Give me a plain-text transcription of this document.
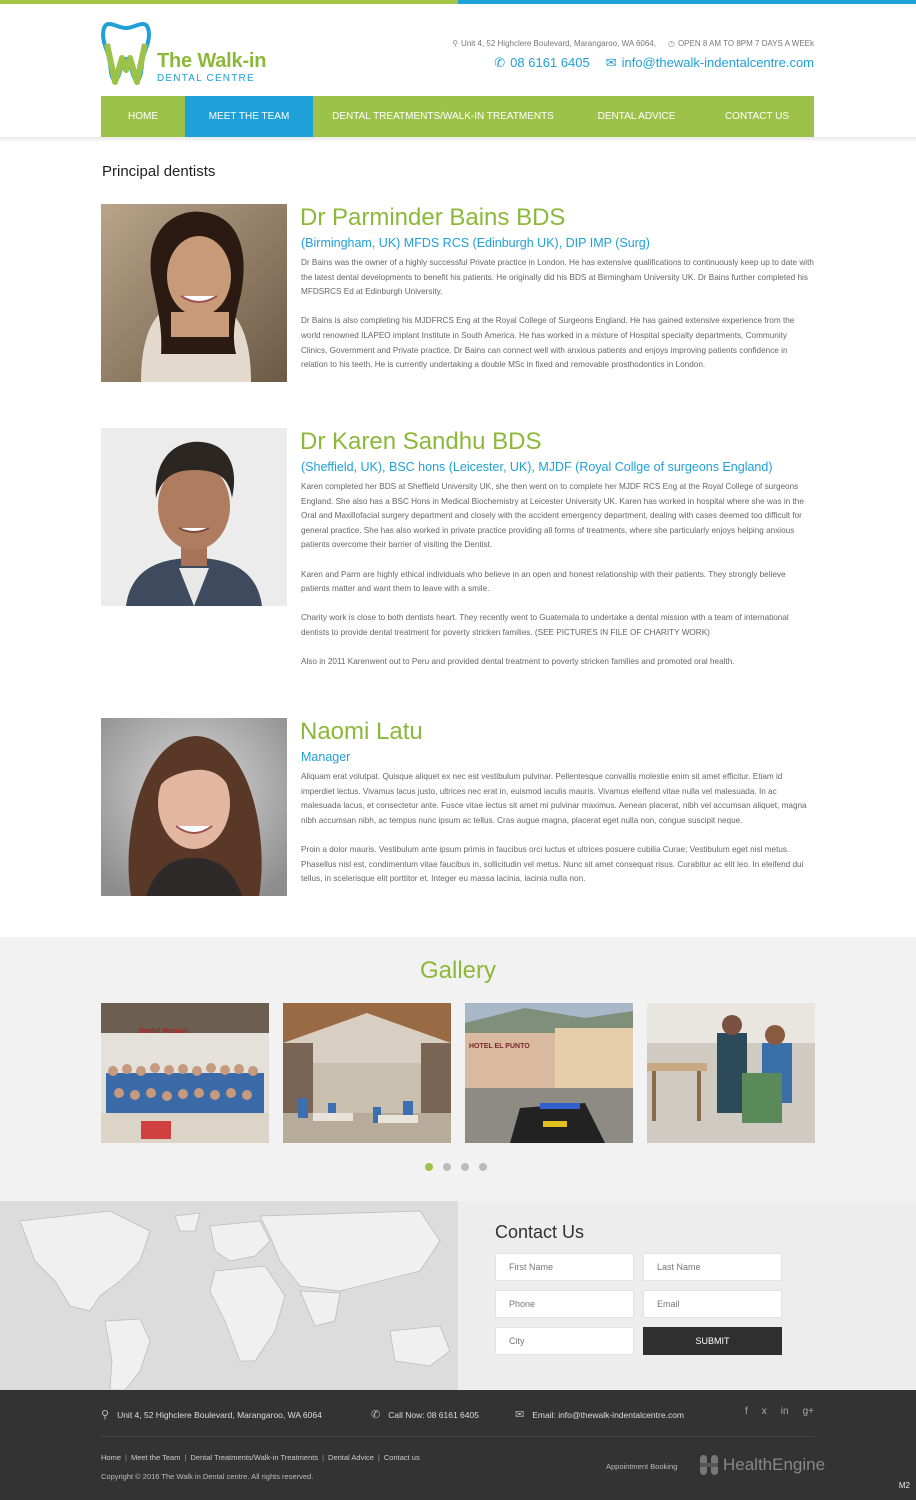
The Walk-in
DENTAL CENTRE
⚲ Unit 4, 52 Highclere Boulevard, Marangaroo, WA 6064, ◷ OPEN 8 AM TO 8PM 7 DAYS A WEEk
✆ 08 6161 6405 ✉ info@thewalk-indentalcentre.com
HOME	MEET THE TEAM	DENTAL TREATMENTS/WALK-IN TREATMENTS	DENTAL ADVICE	CONTACT US
Principal dentists
Dr Parminder Bains BDS
(Birmingham, UK) MFDS RCS (Edinburgh UK), DIP IMP (Surg)

Dr Bains was the owner of a highly successful Private practice in London. He has extensive qualifications to continuously keep up to date with the latest dental developments to benefit his patients. He originally did his BDS at Birmingham University UK. Dr Bains further completed his MFDSRCS Ed at Edinburgh University.

Dr Bains is also completing his MJDFRCS Eng at the Royal College of Surgeons England. He has gained extensive experience from the world renowned ILAPEO implant Institute in South America. He has worked in a mixture of Hospital specialty departments, Community Clinics, Government and Private practice. Dr Bains can connect well with anxious patients and enjoys improving patients confidence in relation to his teeth. He is currently undertaking a double MSc in fixed and removable prosthodontics in London.

Dr Karen Sandhu BDS
(Sheffield, UK), BSC hons (Leicester, UK), MJDF (Royal Collge of surgeons England)

Karen completed her BDS at Sheffield University UK, she then went on to complete her MJDF RCS Eng at the Royal College of surgeons England. She also has a BSC Hons in Medical Biochemistry at Leicester University UK. Karen has worked in hospital where she was in the Oral and Maxillofacial surgery department and closely with the accident emergency department, dealing with cases deemed too difficult for general practice. She has also worked in private practice providing all forms of treatments, where she particularly enjoys helping anxious patients overcome their barrier of visiting the Dentist.

Karen and Parm are highly ethical individuals who believe in an open and honest relationship with their patients. They strongly believe patients matter and want them to leave with a smile.

Charity work is close to both dentists heart. They recently went to Guatemala to undertake a dental mission with a team of international dentists to provide dental treatment for poverty stricken families. (SEE PICTURES IN FILE OF CHARITY WORK)

Also in 2011 Karenwent out to Peru and provided dental treatment to poverty stricken families and promoted oral health.

Naomi Latu
Manager

Aliquam erat volutpat. Quisque aliquet ex nec est vestibulum pulvinar. Pellentesque convallis molestie enim sit amet efficitur. Etiam id imperdiet lectus. Vivamus lacus justo, ultrices nec erat in, euismod iaculis mauris. Vivamus eleifend vitae nulla vel malesuada. In ac malesuada lacus, et consectetur ante. Fusce vitae lectus sit amet mi pulvinar maximus. Aenean placerat, nibh vel accumsan aliquet, magna nibh accumsan nibh, ac tempus nunc ipsum ac tellus. Cras augue magna, placerat eget nulla non, congue suscipit neque.

Proin a dolor mauris. Vestibulum ante ipsum primis in faucibus orci luctus et ultrices posuere cubilia Curae; Vestibulum eget nisl metus. Phasellus nisl est, condimentum vitae faucibus in, sollicitudin vel metus. Nunc sit amet consequat risus. Curabitur ac elit leo. In eleifend dui tellus, in scelerisque elit porttitor et. Integer eu massa lacinia, lacinia nulla non.

Gallery
Dental Mission
HOTEL EL PUNTO
Contact Us
First Name	Last Name
Phone	Email
City	SUBMIT
⚲ Unit 4, 52 Highclere Boulevard, Marangaroo, WA 6064	✆ Call Now: 08 6161 6405	✉ Email: info@thewalk-indentalcentre.com	f x in g+
Home | Meet the Team | Dental Treatments/Walk-in Treatments | Dental Advice | Contact us
Copyright © 2016 The Walk in Dental centre. All rights reserved.
Appointment Booking	HealthEngine
M2
